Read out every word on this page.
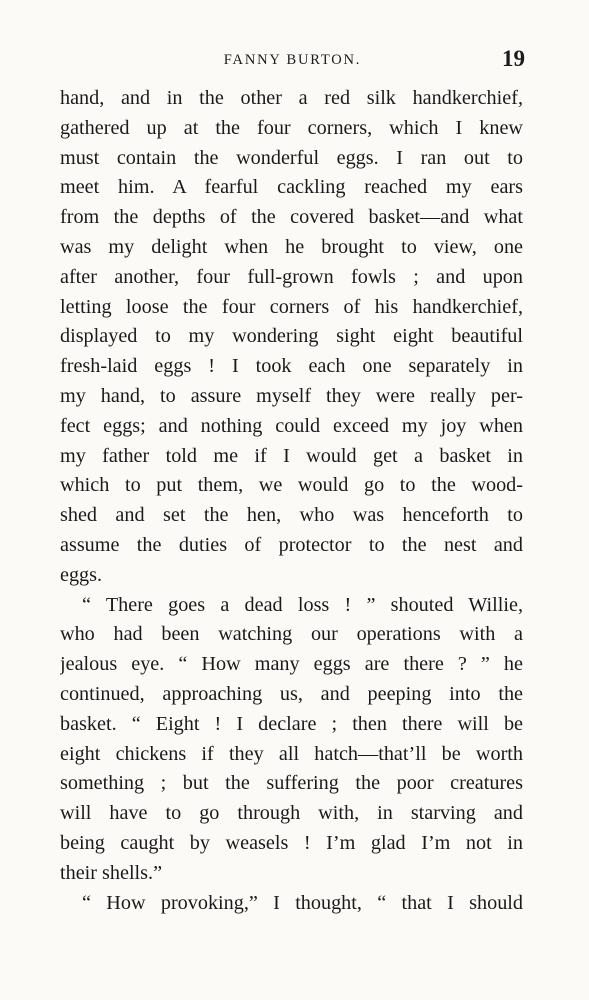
FANNY BURTON.	19
hand, and in the other a red silk handkerchief,
gathered up at the four corners, which I knew
must contain the wonderful eggs. I ran out to
meet him. A fearful cackling reached my ears
from the depths of the covered basket—and what
was my delight when he brought to view, one
after another, four full-grown fowls ; and upon
letting loose the four corners of his handkerchief,
displayed to my wondering sight eight beautiful
fresh-laid eggs ! I took each one separately in
my hand, to assure myself they were really per-
fect eggs; and nothing could exceed my joy when
my father told me if I would get a basket in
which to put them, we would go to the wood-
shed and set the hen, who was henceforth to
assume the duties of protector to the nest and
eggs.
“ There goes a dead loss ! ” shouted Willie,
who had been watching our operations with a
jealous eye. “ How many eggs are there ? ” he
continued, approaching us, and peeping into the
basket. “ Eight ! I declare ; then there will be
eight chickens if they all hatch—that’ll be worth
something ; but the suffering the poor creatures
will have to go through with, in starving and
being caught by weasels ! I’m glad I’m not in
their shells.”
“ How provoking,” I thought, “ that I should
